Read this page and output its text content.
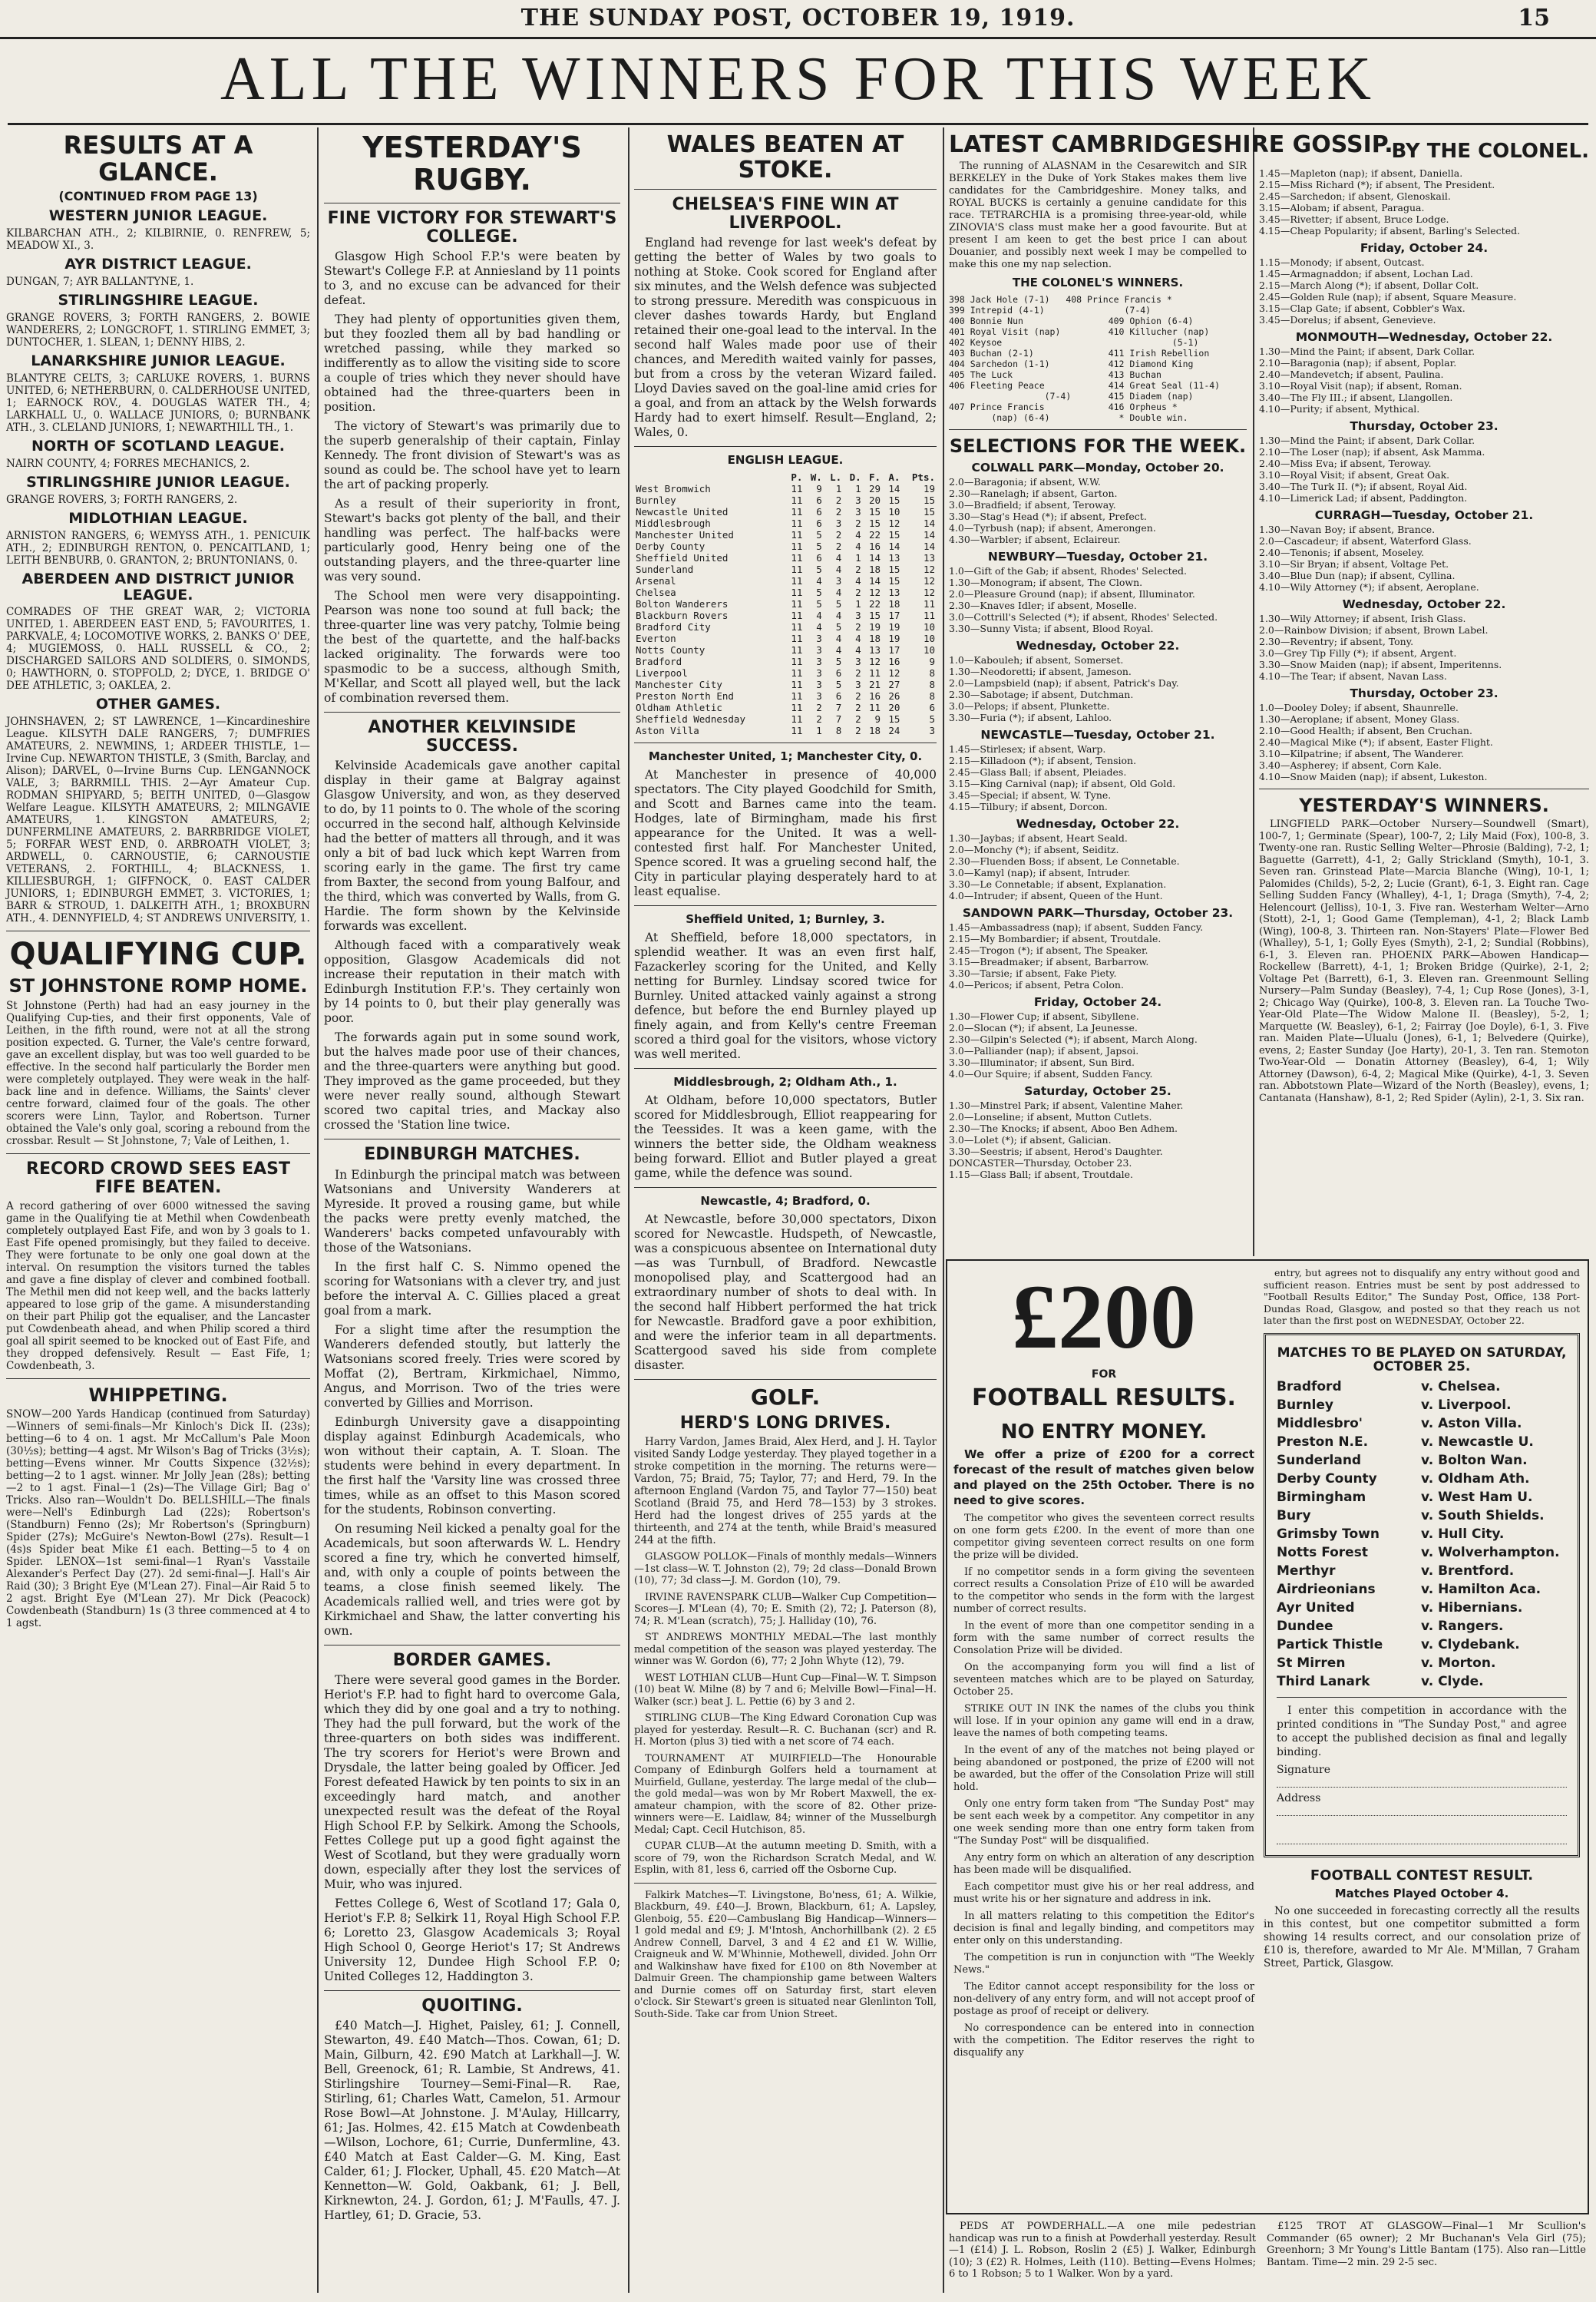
THE SUNDAY POST, OCTOBER 19, 1919.	15
ALL THE WINNERS FOR THIS WEEK
RESULTS AT A GLANCE.
(CONTINUED FROM PAGE 13)
WESTERN JUNIOR LEAGUE.

KILBARCHAN ATH., 2; KILBIRNIE, 0. RENFREW, 5; MEADOW XI., 3.

AYR DISTRICT LEAGUE.

DUNGAN, 7; AYR BALLANTYNE, 1.

STIRLINGSHIRE LEAGUE.

GRANGE ROVERS, 3; FORTH RANGERS, 2. BOWIE WANDERERS, 2; LONGCROFT, 1. STIRLING EMMET, 3; DUNTOCHER, 1. SLEAN, 1; DENNY HIBS, 2.

LANARKSHIRE JUNIOR LEAGUE.

BLANTYRE CELTS, 3; CARLUKE ROVERS, 1. BURNS UNITED, 6; NETHERBURN, 0. CALDERHOUSE UNITED, 1; EARNOCK ROV., 4. DOUGLAS WATER TH., 4; LARKHALL U., 0. WALLACE JUNIORS, 0; BURNBANK ATH., 3. CLELAND JUNIORS, 1; NEWARTHILL TH., 1.

NORTH OF SCOTLAND LEAGUE.

NAIRN COUNTY, 4; FORRES MECHANICS, 2.

STIRLINGSHIRE JUNIOR LEAGUE.

GRANGE ROVERS, 3; FORTH RANGERS, 2.

MIDLOTHIAN LEAGUE.

ARNISTON RANGERS, 6; WEMYSS ATH., 1. PENICUIK ATH., 2; EDINBURGH RENTON, 0. PENCAITLAND, 1; LEITH BENBURB, 0. GRANTON, 2; BRUNTONIANS, 0.

ABERDEEN AND DISTRICT JUNIOR LEAGUE.

COMRADES OF THE GREAT WAR, 2; VICTORIA UNITED, 1. ABERDEEN EAST END, 5; FAVOURITES, 1. PARKVALE, 4; LOCOMOTIVE WORKS, 2. BANKS O' DEE, 4; MUGIEMOSS, 0. HALL RUSSELL & CO., 2; DISCHARGED SAILORS AND SOLDIERS, 0. SIMONDS, 0; HAWTHORN, 0. STOPFOLD, 2; DYCE, 1. BRIDGE O' DEE ATHLETIC, 3; OAKLEA, 2.

OTHER GAMES.

JOHNSHAVEN, 2; ST LAWRENCE, 1—Kincardineshire League. KILSYTH DALE RANGERS, 7; DUMFRIES AMATEURS, 2. NEWMINS, 1; ARDEER THISTLE, 1—Irvine Cup. NEWARTON THISTLE, 3 (Smith, Barclay, and Alison); DARVEL, 0—Irvine Burns Cup. LENGANNOCK VALE, 3; BARRMILL THIS. 2—Ayr Amateur Cup. RODMAN SHIPYARD, 5; BEITH UNITED, 0—Glasgow Welfare League. KILSYTH AMATEURS, 2; MILNGAVIE AMATEURS, 1. KINGSTON AMATEURS, 2; DUNFERMLINE AMATEURS, 2. BARRBRIDGE VIOLET, 5; FORFAR WEST END, 0. ARBROATH VIOLET, 3; ARDWELL, 0. CARNOUSTIE, 6; CARNOUSTIE VETERANS, 2. FORTHILL, 4; BLACKNESS, 1. KILLIESBURGH, 1; GIFFNOCK, 0. EAST CALDER JUNIORS, 1; EDINBURGH EMMET, 3. VICTORIES, 1; BARR & STROUD, 1. DALKEITH ATH., 1; BROXBURN ATH., 4. DENNYFIELD, 4; ST ANDREWS UNIVERSITY, 1.

QUALIFYING CUP.
ST JOHNSTONE ROMP HOME.

St Johnstone (Perth) had had an easy journey in the Qualifying Cup-ties, and their first opponents, Vale of Leithen, in the fifth round, were not at all the strong position expected. G. Turner, the Vale's centre forward, gave an excellent display, but was too well guarded to be effective. In the second half particularly the Border men were completely outplayed. They were weak in the half-back line and in defence. Williams, the Saints' clever centre forward, claimed four of the goals. The other scorers were Linn, Taylor, and Robertson. Turner obtained the Vale's only goal, scoring a rebound from the crossbar. Result — St Johnstone, 7; Vale of Leithen, 1.

RECORD CROWD SEES EAST FIFE BEATEN.

A record gathering of over 6000 witnessed the saving game in the Qualifying tie at Methil when Cowdenbeath completely outplayed East Fife, and won by 3 goals to 1. East Fife opened promisingly, but they failed to deceive. They were fortunate to be only one goal down at the interval. On resumption the visitors turned the tables and gave a fine display of clever and combined football. The Methil men did not keep well, and the backs latterly appeared to lose grip of the game. A misunderstanding on their part Philip got the equaliser, and the Lancaster put Cowdenbeath ahead, and when Philip scored a third goal all spirit seemed to be knocked out of East Fife, and they dropped defensively. Result — East Fife, 1; Cowdenbeath, 3.

WHIPPETING.

SNOW—200 Yards Handicap (continued from Saturday)—Winners of semi-finals—Mr Kinloch's Dick II. (23s); betting—6 to 4 on. 1 agst. Mr McCallum's Pale Moon (30½s); betting—4 agst. Mr Wilson's Bag of Tricks (3½s); betting—Evens winner. Mr Coutts Sixpence (32½s); betting—2 to 1 agst. winner. Mr Jolly Jean (28s); betting—2 to 1 agst. Final—1 (2s)—The Village Girl; Bag o' Tricks. Also ran—Wouldn't Do. BELLSHILL—The finals were—Nell's Edinburgh Lad (22s); Robertson's (Standburn) Fenno (2s); Mr Robertson's (Springburn) Spider (27s); McGuire's Newton-Bowl (27s). Result—1 (4s)s Spider beat Mike £1 each. Betting—5 to 4 on Spider. LENOX—1st semi-final—1 Ryan's Vasstaile Alexander's Perfect Day (27). 2d semi-final—J. Hall's Air Raid (30); 3 Bright Eye (M'Lean 27). Final—Air Raid 5 to 2 agst. Bright Eye (M'Lean 27). Mr Dick (Peacock) Cowdenbeath (Standburn) 1s (3 three commenced at 4 to 1 agst.

YESTERDAY'S RUGBY.
FINE VICTORY FOR STEWART'S COLLEGE.

Glasgow High School F.P.'s were beaten by Stewart's College F.P. at Anniesland by 11 points to 3, and no excuse can be advanced for their defeat.

They had plenty of opportunities given them, but they foozled them all by bad handling or wretched passing, while they marked so indifferently as to allow the visiting side to score a couple of tries which they never should have obtained had the three-quarters been in position.

The victory of Stewart's was primarily due to the superb generalship of their captain, Finlay Kennedy. The front division of Stewart's was as sound as could be. The school have yet to learn the art of packing properly.

As a result of their superiority in front, Stewart's backs got plenty of the ball, and their handling was perfect. The half-backs were particularly good, Henry being one of the outstanding players, and the three-quarter line was very sound.

The School men were very disappointing. Pearson was none too sound at full back; the three-quarter line was very patchy, Tolmie being the best of the quartette, and the half-backs lacked originality. The forwards were too spasmodic to be a success, although Smith, M'Kellar, and Scott all played well, but the lack of combination reversed them.

ANOTHER KELVINSIDE SUCCESS.

Kelvinside Academicals gave another capital display in their game at Balgray against Glasgow University, and won, as they deserved to do, by 11 points to 0. The whole of the scoring occurred in the second half, although Kelvinside had the better of matters all through, and it was only a bit of bad luck which kept Warren from scoring early in the game. The first try came from Baxter, the second from young Balfour, and the third, which was converted by Walls, from G. Hardie. The form shown by the Kelvinside forwards was excellent.

Although faced with a comparatively weak opposition, Glasgow Academicals did not increase their reputation in their match with Edinburgh Institution F.P.'s. They certainly won by 14 points to 0, but their play generally was poor.

The forwards again put in some sound work, but the halves made poor use of their chances, and the three-quarters were anything but good. They improved as the game proceeded, but they were never really sound, although Stewart scored two capital tries, and Mackay also crossed the 'Station line twice.

EDINBURGH MATCHES.

In Edinburgh the principal match was between Watsonians and University Wanderers at Myreside. It proved a rousing game, but while the packs were pretty evenly matched, the Wanderers' backs competed unfavourably with those of the Watsonians.

In the first half C. S. Nimmo opened the scoring for Watsonians with a clever try, and just before the interval A. C. Gillies placed a great goal from a mark.

For a slight time after the resumption the Wanderers defended stoutly, but latterly the Watsonians scored freely. Tries were scored by Moffat (2), Bertram, Kirkmichael, Nimmo, Angus, and Morrison. Two of the tries were converted by Gillies and Morrison.

Edinburgh University gave a disappointing display against Edinburgh Academicals, who won without their captain, A. T. Sloan. The students were behind in every department. In the first half the 'Varsity line was crossed three times, while as an offset to this Mason scored for the students, Robinson converting.

On resuming Neil kicked a penalty goal for the Academicals, but soon afterwards W. L. Hendry scored a fine try, which he converted himself, and, with only a couple of points between the teams, a close finish seemed likely. The Academicals rallied well, and tries were got by Kirkmichael and Shaw, the latter converting his own.

BORDER GAMES.

There were several good games in the Border. Heriot's F.P. had to fight hard to overcome Gala, which they did by one goal and a try to nothing. They had the pull forward, but the work of the three-quarters on both sides was indifferent. The try scorers for Heriot's were Brown and Drysdale, the latter being goaled by Officer. Jed Forest defeated Hawick by ten points to six in an exceedingly hard match, and another unexpected result was the defeat of the Royal High School F.P. by Selkirk. Among the Schools, Fettes College put up a good fight against the West of Scotland, but they were gradually worn down, especially after they lost the services of Muir, who was injured.

Fettes College 6, West of Scotland 17; Gala 0, Heriot's F.P. 8; Selkirk 11, Royal High School F.P. 6; Loretto 23, Glasgow Academicals 3; Royal High School 0, George Heriot's 17; St Andrews University 12, Dundee High School F.P. 0; United Colleges 12, Haddington 3.

QUOITING.

£40 Match—J. Highet, Paisley, 61; J. Connell, Stewarton, 49. £40 Match—Thos. Cowan, 61; D. Main, Gilburn, 42. £90 Match at Larkhall—J. W. Bell, Greenock, 61; R. Lambie, St Andrews, 41. Stirlingshire Tourney—Semi-Final—R. Rae, Stirling, 61; Charles Watt, Camelon, 51. Armour Rose Bowl—At Johnstone. J. M'Aulay, Hillcarry, 61; Jas. Holmes, 42. £15 Match at Cowdenbeath—Wilson, Lochore, 61; Currie, Dunfermline, 43. £40 Match at East Calder—G. M. King, East Calder, 61; J. Flocker, Uphall, 45. £20 Match—At Kennetton—W. Gold, Oakbank, 61; J. Bell, Kirknewton, 24. J. Gordon, 61; J. M'Faulls, 47. J. Hartley, 61; D. Gracie, 53.

WALES BEATEN AT STOKE.
CHELSEA'S FINE WIN AT LIVERPOOL.

England had revenge for last week's defeat by getting the better of Wales by two goals to nothing at Stoke. Cook scored for England after six minutes, and the Welsh defence was subjected to strong pressure. Meredith was conspicuous in clever dashes towards Hardy, but England retained their one-goal lead to the interval. In the second half Wales made poor use of their chances, and Meredith waited vainly for passes, but from a cross by the veteran Wizard failed. Lloyd Davies saved on the goal-line amid cries for a goal, and from an attack by the Welsh forwards Hardy had to exert himself. Result—England, 2; Wales, 0.

ENGLISH LEAGUE.
	P.	W.	L.	D.	F.	A.	Pts.
West Bromwich	11	9	1	1	29	14	19
Burnley	11	6	2	3	20	15	15
Newcastle United	11	6	2	3	15	10	15
Middlesbrough	11	6	3	2	15	12	14
Manchester United	11	5	2	4	22	15	14
Derby County	11	5	2	4	16	14	14
Sheffield United	11	6	4	1	14	13	13
Sunderland	11	5	4	2	18	15	12
Arsenal	11	4	3	4	14	15	12
Chelsea	11	5	4	2	12	13	12
Bolton Wanderers	11	5	5	1	22	18	11
Blackburn Rovers	11	4	4	3	15	17	11
Bradford City	11	4	5	2	19	19	10
Everton	11	3	4	4	18	19	10
Notts County	11	3	4	4	13	17	10
Bradford	11	3	5	3	12	16	9
Liverpool	11	3	6	2	11	12	8
Manchester City	11	3	5	3	21	27	8
Preston North End	11	3	6	2	16	26	8
Oldham Athletic	11	2	7	2	11	20	6
Sheffield Wednesday	11	2	7	2	9	15	5
Aston Villa	11	1	8	2	18	24	3
Manchester United, 1; Manchester City, 0.

At Manchester in presence of 40,000 spectators. The City played Goodchild for Smith, and Scott and Barnes came into the team. Hodges, late of Birmingham, made his first appearance for the United. It was a well-contested first half. For Manchester United, Spence scored. It was a grueling second half, the City in particular playing desperately hard to at least equalise.

Sheffield United, 1; Burnley, 3.

At Sheffield, before 18,000 spectators, in splendid weather. It was an even first half, Fazackerley scoring for the United, and Kelly netting for Burnley. Lindsay scored twice for Burnley. United attacked vainly against a strong defence, but before the end Burnley played up finely again, and from Kelly's centre Freeman scored a third goal for the visitors, whose victory was well merited.

Middlesbrough, 2; Oldham Ath., 1.

At Oldham, before 10,000 spectators, Butler scored for Middlesbrough, Elliot reappearing for the Teessides. It was a keen game, with the winners the better side, the Oldham weakness being forward. Elliot and Butler played a great game, while the defence was sound.

Newcastle, 4; Bradford, 0.

At Newcastle, before 30,000 spectators, Dixon scored for Newcastle. Hudspeth, of Newcastle, was a conspicuous absentee on International duty—as was Turnbull, of Bradford. Newcastle monopolised play, and Scattergood had an extraordinary number of shots to deal with. In the second half Hibbert performed the hat trick for Newcastle. Bradford gave a poor exhibition, and were the inferior team in all departments. Scattergood saved his side from complete disaster.

GOLF.
HERD'S LONG DRIVES.

Harry Vardon, James Braid, Alex Herd, and J. H. Taylor visited Sandy Lodge yesterday. They played together in a stroke competition in the morning. The returns were—Vardon, 75; Braid, 75; Taylor, 77; and Herd, 79. In the afternoon England (Vardon 75, and Taylor 77—150) beat Scotland (Braid 75, and Herd 78—153) by 3 strokes. Herd had the longest drives of 255 yards at the thirteenth, and 274 at the tenth, while Braid's measured 244 at the fifth.

GLASGOW POLLOK—Finals of monthly medals—Winners—1st class—W. T. Johnston (2), 79; 2d class—Donald Brown (10), 77; 3d class—J. M. Gordon (10), 79.

IRVINE RAVENSPARK CLUB—Walker Cup Competition—Scores—J. M'Lean (4), 70; E. Smith (2), 72; J. Paterson (8), 74; R. M'Lean (scratch), 75; J. Halliday (10), 76.

ST ANDREWS MONTHLY MEDAL—The last monthly medal competition of the season was played yesterday. The winner was W. Gordon (6), 77; 2 John Whyte (12), 79.

WEST LOTHIAN CLUB—Hunt Cup—Final—W. T. Simpson (10) beat W. Milne (8) by 7 and 6; Melville Bowl—Final—H. Walker (scr.) beat J. L. Pettie (6) by 3 and 2.

STIRLING CLUB—The King Edward Coronation Cup was played for yesterday. Result—R. C. Buchanan (scr) and R. H. Morton (plus 3) tied with a net score of 74 each.

TOURNAMENT AT MUIRFIELD—The Honourable Company of Edinburgh Golfers held a tournament at Muirfield, Gullane, yesterday. The large medal of the club—the gold medal—was won by Mr Robert Maxwell, the ex-amateur champion, with the score of 82. Other prize-winners were—E. Laidlaw, 84; winner of the Musselburgh Medal; Capt. Cecil Hutchison, 85.

CUPAR CLUB—At the autumn meeting D. Smith, with a score of 79, won the Richardson Scratch Medal, and W. Esplin, with 81, less 6, carried off the Osborne Cup.

Falkirk Matches—T. Livingstone, Bo'ness, 61; A. Wilkie, Blackburn, 49. £40—J. Brown, Blackburn, 61; A. Lapsley, Glenboig, 55. £20—Cambuslang Big Handicap—Winners—1 gold medal and £9; J. M'Intosh, Anchorhillbank (2). 2 £5 Andrew Connell, Darvel, 3 and 4 £2 and £1 W. Willie, Craigneuk and W. M'Whinnie, Mothewell, divided. John Orr and Walkinshaw have fixed for £100 on 8th November at Dalmuir Green. The championship game between Walters and Durnie comes off on Saturday first, start eleven o'clock. Sir Stewart's green is situated near Glenlinton Toll, South-Side. Take car from Union Street.

LATEST CAMBRIDGESHIRE GOSSIP.

The running of ALASNAM in the Cesarewitch and SIR BERKELEY in the Duke of York Stakes makes them live candidates for the Cambridgeshire. Money talks, and ROYAL BUCKS is certainly a genuine candidate for this race. TETRARCHIA is a promising three-year-old, while ZINOVIA'S class must make her a good favourite. But at present I am keen to get the best price I can about Douanier, and possibly next week I may be compelled to make this one my nap selection.

THE COLONEL'S WINNERS.
398 Jack Hole (7-1)   408 Prince Francis *
399 Intrepid (4-1)               (7-4)
400 Bonnie Nun                409 Ophion (6-4)
401 Royal Visit (nap)         410 Killucher (nap)
402 Keysoe                                (5-1)
403 Buchan (2-1)              411 Irish Rebellion
404 Sarchedon (1-1)           412 Diamond King
405 The Luck                  413 Buchan
406 Fleeting Peace            414 Great Seal (11-4)
(7-4)       415 Diadem (nap)
407 Prince Francis            416 Orpheus *
(nap) (6-4)             * Double win.
SELECTIONS FOR THE WEEK.
COLWALL PARK—Monday, October 20.
2.0—Baragonia; if absent, W.W.
2.30—Ranelagh; if absent, Garton.
3.0—Bradfield; if absent, Teroway.
3.30—Stag's Head (*); if absent, Prefect.
4.0—Tyrbush (nap); if absent, Amerongen.
4.30—Warbler; if absent, Eclaireur.
NEWBURY—Tuesday, October 21.
1.0—Gift of the Gab; if absent, Rhodes' Selected.
1.30—Monogram; if absent, The Clown.
2.0—Pleasure Ground (nap); if absent, Illuminator.
2.30—Knaves Idler; if absent, Moselle.
3.0—Cottrill's Selected (*); if absent, Rhodes' Selected.
3.30—Sunny Vista; if absent, Blood Royal.
Wednesday, October 22.
1.0—Kabouleh; if absent, Somerset.
1.30—Neodoretti; if absent, Jameson.
2.0—Lampsbield (nap); if absent, Patrick's Day.
2.30—Sabotage; if absent, Dutchman.
3.0—Pelops; if absent, Plunkette.
3.30—Furia (*); if absent, Lahloo.
NEWCASTLE—Tuesday, October 21.
1.45—Stirlesex; if absent, Warp.
2.15—Killadoon (*); if absent, Tension.
2.45—Glass Ball; if absent, Pleiades.
3.15—King Carnival (nap); if absent, Old Gold.
3.45—Special; if absent, W. Tyne.
4.15—Tilbury; if absent, Dorcon.
Wednesday, October 22.
1.30—Jaybas; if absent, Heart Seald.
2.0—Monchy (*); if absent, Seiditz.
2.30—Fluenden Boss; if absent, Le Connetable.
3.0—Kamyl (nap); if absent, Intruder.
3.30—Le Connetable; if absent, Explanation.
4.0—Intruder; if absent, Queen of the Hunt.
SANDOWN PARK—Thursday, October 23.
1.45—Ambassadress (nap); if absent, Sudden Fancy.
2.15—My Bombardier; if absent, Troutdale.
2.45—Trogon (*); if absent, The Speaker.
3.15—Breadmaker; if absent, Barbarrow.
3.30—Tarsie; if absent, Fake Piety.
4.0—Pericos; if absent, Petra Colon.
Friday, October 24.
1.30—Flower Cup; if absent, Sibyllene.
2.0—Slocan (*); if absent, La Jeunesse.
2.30—Gilpin's Selected (*); if absent, March Along.
3.0—Palliander (nap); if absent, Japsoi.
3.30—Illuminator; if absent, Sun Bird.
4.0—Our Squire; if absent, Sudden Fancy.
Saturday, October 25.
1.30—Minstrel Park; if absent, Valentine Maher.
2.0—Lonseline; if absent, Mutton Cutlets.
2.30—The Knocks; if absent, Aboo Ben Adhem.
3.0—Lolet (*); if absent, Galician.
3.30—Seestris; if absent, Herod's Daughter.
DONCASTER—Thursday, October 23.
1.15—Glass Ball; if absent, Troutdale.
BY THE COLONEL.
1.45—Mapleton (nap); if absent, Daniella.
2.15—Miss Richard (*); if absent, The President.
2.45—Sarchedon; if absent, Glenoskail.
3.15—Alobam; if absent, Paragua.
3.45—Rivetter; if absent, Bruce Lodge.
4.15—Cheap Popularity; if absent, Barling's Selected.
Friday, October 24.
1.15—Monody; if absent, Outcast.
1.45—Armagnaddon; if absent, Lochan Lad.
2.15—March Along (*); if absent, Dollar Colt.
2.45—Golden Rule (nap); if absent, Square Measure.
3.15—Clap Gate; if absent, Cobbler's Wax.
3.45—Dorelus; if absent, Genevieve.
MONMOUTH—Wednesday, October 22.
1.30—Mind the Paint; if absent, Dark Collar.
2.10—Baragonia (nap); if absent, Poplar.
2.40—Mandevetch; if absent, Paulina.
3.10—Royal Visit (nap); if absent, Roman.
3.40—The Fly III.; if absent, Llangollen.
4.10—Purity; if absent, Mythical.
Thursday, October 23.
1.30—Mind the Paint; if absent, Dark Collar.
2.10—The Loser (nap); if absent, Ask Mamma.
2.40—Miss Eva; if absent, Teroway.
3.10—Royal Visit; if absent, Great Oak.
3.40—The Turk II. (*); if absent, Royal Aid.
4.10—Limerick Lad; if absent, Paddington.
CURRAGH—Tuesday, October 21.
1.30—Navan Boy; if absent, Brance.
2.0—Cascadeur; if absent, Waterford Glass.
2.40—Tenonis; if absent, Moseley.
3.10—Sir Bryan; if absent, Voltage Pet.
3.40—Blue Dun (nap); if absent, Cyllina.
4.10—Wily Attorney (*); if absent, Aeroplane.
Wednesday, October 22.
1.30—Wily Attorney; if absent, Irish Glass.
2.0—Rainbow Division; if absent, Brown Label.
2.30—Reventry; if absent, Tony.
3.0—Grey Tip Filly (*); if absent, Argent.
3.30—Snow Maiden (nap); if absent, Imperitenns.
4.10—The Tear; if absent, Navan Lass.
Thursday, October 23.
1.0—Dooley Doley; if absent, Shaunrelle.
1.30—Aeroplane; if absent, Money Glass.
2.10—Good Health; if absent, Ben Cruchan.
2.40—Magical Mike (*); if absent, Easter Flight.
3.10—Kilpatrine; if absent, The Wanderer.
3.40—Aspherey; if absent, Corn Kale.
4.10—Snow Maiden (nap); if absent, Lukeston.
YESTERDAY'S WINNERS.

LINGFIELD PARK—October Nursery—Soundwell (Smart), 100-7, 1; Germinate (Spear), 100-7, 2; Lily Maid (Fox), 100-8, 3. Twenty-one ran. Rustic Selling Welter—Phrosie (Balding), 7-2, 1; Baguette (Garrett), 4-1, 2; Gally Strickland (Smyth), 10-1, 3. Seven ran. Grinstead Plate—Marcia Blanche (Wing), 10-1, 1; Palomides (Childs), 5-2, 2; Lucie (Grant), 6-1, 3. Eight ran. Cage Selling Sudden Fancy (Whalley), 4-1, 1; Draga (Smyth), 7-4, 2; Helencourt (Jelliss), 10-1, 3. Five ran. Westerham Welter—Arno (Stott), 2-1, 1; Good Game (Templeman), 4-1, 2; Black Lamb (Wing), 100-8, 3. Thirteen ran. Non-Stayers' Plate—Flower Bed (Whalley), 5-1, 1; Golly Eyes (Smyth), 2-1, 2; Sundial (Robbins), 6-1, 3. Eleven ran. PHOENIX PARK—Abowen Handicap—Rockellew (Barrett), 4-1, 1; Broken Bridge (Quirke), 2-1, 2; Voltage Pet (Barrett), 6-1, 3. Eleven ran. Greenmount Selling Nursery—Palm Sunday (Beasley), 7-4, 1; Cup Rose (Jones), 3-1, 2; Chicago Way (Quirke), 100-8, 3. Eleven ran. La Touche Two-Year-Old Plate—The Widow Malone II. (Beasley), 5-2, 1; Marquette (W. Beasley), 6-1, 2; Fairray (Joe Doyle), 6-1, 3. Five ran. Maiden Plate—Ulualu (Jones), 6-1, 1; Belvedere (Quirke), evens, 2; Easter Sunday (Joe Harty), 20-1, 3. Ten ran. Stemoton Two-Year-Old — Donatin Attorney (Beasley), 6-4, 1; Wily Attorney (Dawson), 6-4, 2; Magical Mike (Quirke), 4-1, 3. Seven ran. Abbotstown Plate—Wizard of the North (Beasley), evens, 1; Cantanata (Hanshaw), 8-1, 2; Red Spider (Aylin), 2-1, 3. Six ran.

£200
FOR
FOOTBALL RESULTS.
NO ENTRY MONEY.

We offer a prize of £200 for a correct forecast of the result of matches given below and played on the 25th October. There is no need to give scores.

The competitor who gives the seventeen correct results on one form gets £200. In the event of more than one competitor giving seventeen correct results on one form the prize will be divided.

If no competitor sends in a form giving the seventeen correct results a Consolation Prize of £10 will be awarded to the competitor who sends in the form with the largest number of correct results.

In the event of more than one competitor sending in a form with the same number of correct results the Consolation Prize will be divided.

On the accompanying form you will find a list of seventeen matches which are to be played on Saturday, October 25.

STRIKE OUT IN INK the names of the clubs you think will lose. If in your opinion any game will end in a draw, leave the names of both competing teams.

In the event of any of the matches not being played or being abandoned or postponed, the prize of £200 will not be awarded, but the offer of the Consolation Prize will still hold.

Only one entry form taken from "The Sunday Post" may be sent each week by a competitor. Any competitor in any one week sending more than one entry form taken from "The Sunday Post" will be disqualified.

Any entry form on which an alteration of any description has been made will be disqualified.

Each competitor must give his or her real address, and must write his or her signature and address in ink.

In all matters relating to this competition the Editor's decision is final and legally binding, and competitors may enter only on this understanding.

The competition is run in conjunction with "The Weekly News."

The Editor cannot accept responsibility for the loss or non-delivery of any entry form, and will not accept proof of postage as proof of receipt or delivery.

No correspondence can be entered into in connection with the competition. The Editor reserves the right to disqualify any

entry, but agrees not to disqualify any entry without good and sufficient reason. Entries must be sent by post addressed to "Football Results Editor," The Sunday Post, Office, 138 Port-Dundas Road, Glasgow, and posted so that they reach us not later than the first post on WEDNESDAY, October 22.

MATCHES TO BE PLAYED ON SATURDAY, OCTOBER 25.
Bradford	v. Chelsea.
Burnley	v. Liverpool.
Middlesbro'	v. Aston Villa.
Preston N.E.	v. Newcastle U.
Sunderland	v. Bolton Wan.
Derby County	v. Oldham Ath.
Birmingham	v. West Ham U.
Bury	v. South Shields.
Grimsby Town	v. Hull City.
Notts Forest	v. Wolverhampton.
Merthyr	v. Brentford.
Airdrieonians	v. Hamilton Aca.
Ayr United	v. Hibernians.
Dundee	v. Rangers.
Partick Thistle	v. Clydebank.
St Mirren	v. Morton.
Third Lanark	v. Clyde.

I enter this competition in accordance with the printed conditions in "The Sunday Post," and agree to accept the published decision as final and legally binding.

Signature
Address
FOOTBALL CONTEST RESULT.
Matches Played October 4.

No one succeeded in forecasting correctly all the results in this contest, but one competitor submitted a form showing 14 results correct, and our consolation prize of £10 is, therefore, awarded to Mr Ale. M'Millan, 7 Graham Street, Partick, Glasgow.

PEDS AT POWDERHALL.—A one mile pedestrian handicap was run to a finish at Powderhall yesterday. Result—1 (£14) J. L. Robson, Roslin 2 (£5) J. Walker, Edinburgh (10); 3 (£2) R. Holmes, Leith (110). Betting—Evens Holmes; 6 to 1 Robson; 5 to 1 Walker. Won by a yard.

£125 TROT AT GLASGOW—Final—1 Mr Scullion's Commander (65 owner); 2 Mr Buchanan's Vela Girl (75); Greenhorn; 3 Mr Young's Little Bantam (175). Also ran—Little Bantam. Time—2 min. 29 2-5 sec.
